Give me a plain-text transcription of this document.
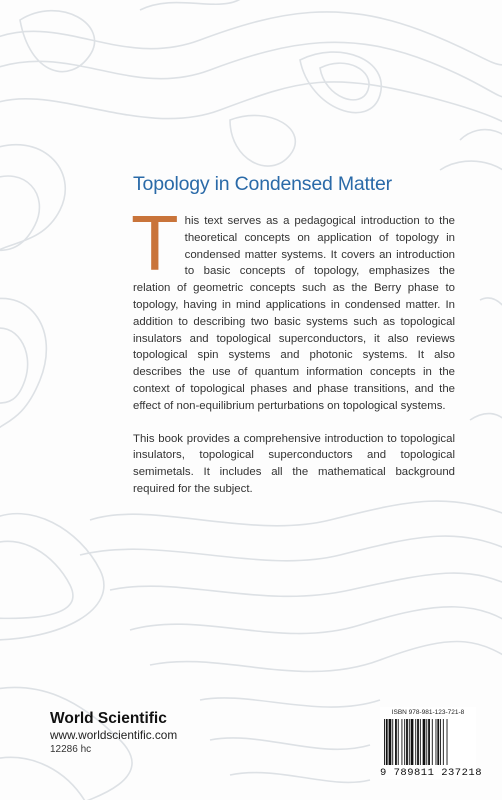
Topology in Condensed Matter

This text serves as a pedagogical introduction to the theoretical concepts on application of topology in condensed matter systems. It covers an introduction to basic concepts of topology, emphasizes the relation of geometric concepts such as the Berry phase to topology, having in mind applications in condensed matter. In addition to describing two basic systems such as topological insulators and topological superconductors, it also reviews topological spin systems and photonic systems. It also describes the use of quantum information concepts in the context of topological phases and phase transitions, and the effect of non-equilibrium perturbations on topological systems.

This book provides a comprehensive introduction to topological insulators, topological superconductors and topological semimetals. It includes all the mathematical background required for the subject.

World Scientific
www.worldscientific.com
12286 hc
ISBN 978-981-123-721-8
9 789811 237218
